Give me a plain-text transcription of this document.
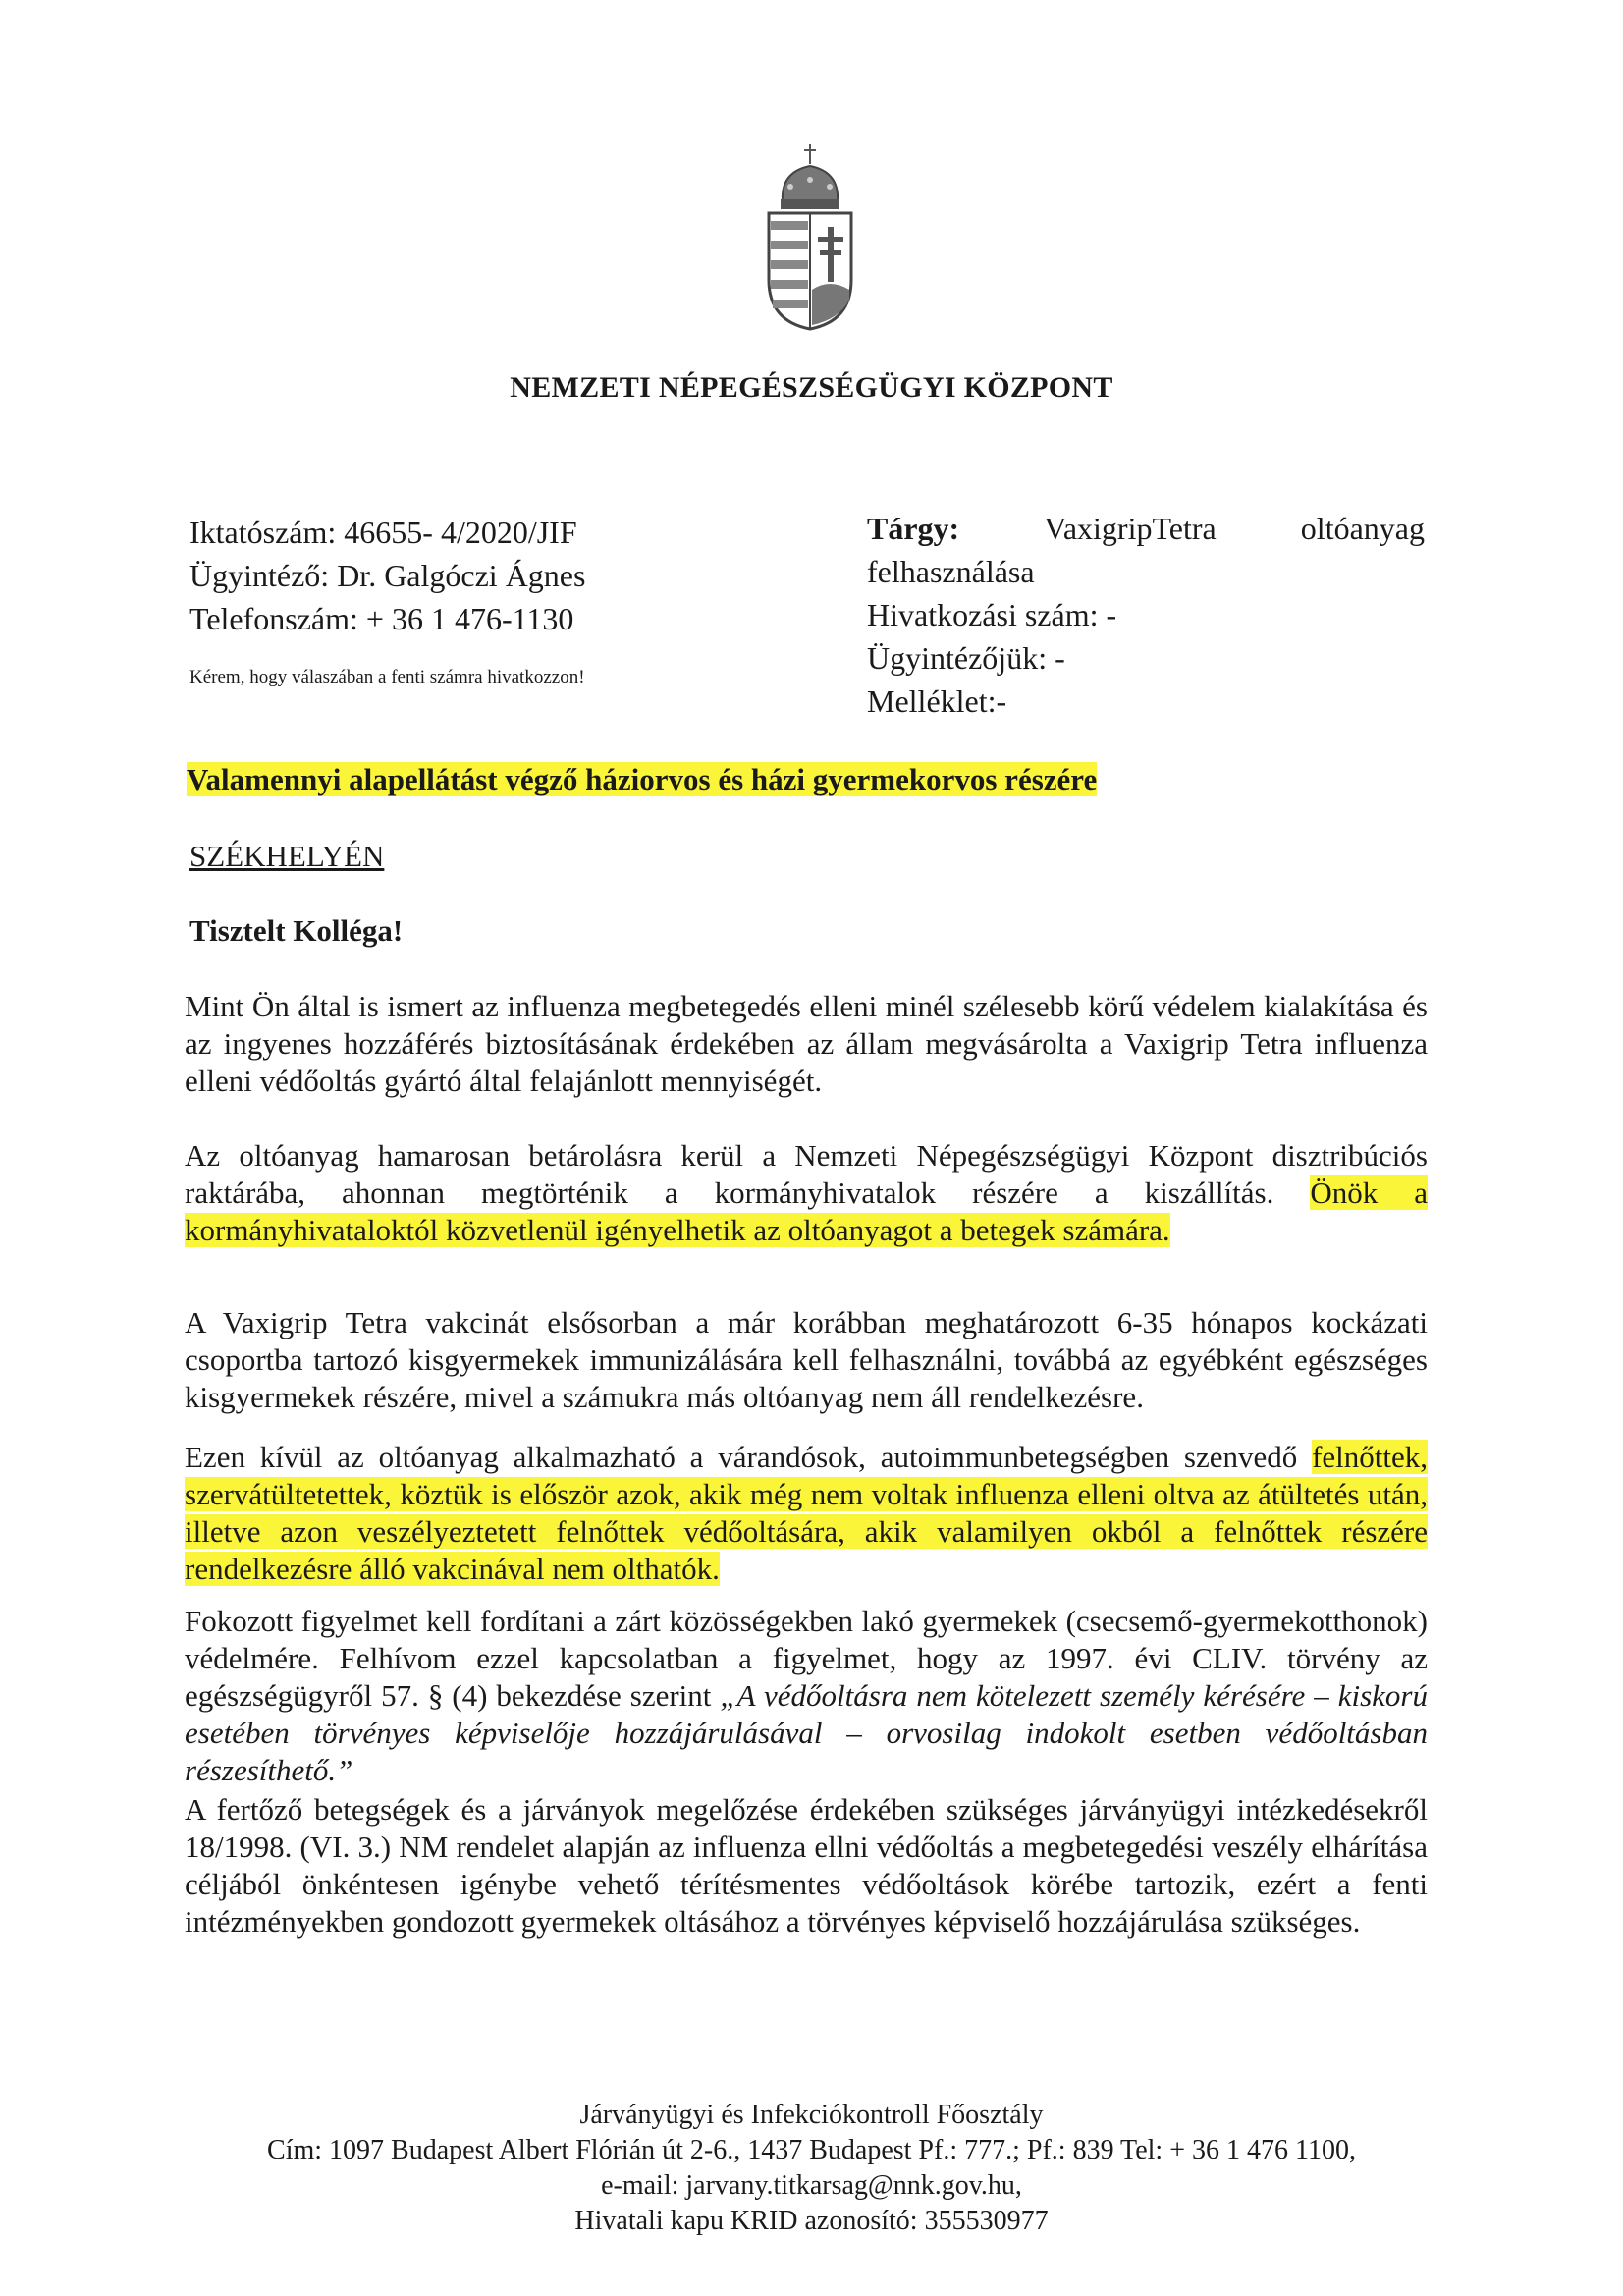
NEMZETI NÉPEGÉSZSÉGÜGYI KÖZPONT
Iktatószám: 46655- 4/2020/JIF
Ügyintéző: Dr. Galgóczi Ágnes
Telefonszám: + 36 1 476-1130
Kérem, hogy válaszában a fenti számra hivatkozzon!
Tárgy:	VaxigripTetra	oltóanyag
felhasználása
Hivatkozási szám: -
Ügyintézőjük: -
Melléklet:-
Valamennyi alapellátást végző háziorvos és házi gyermekorvos részére
SZÉKHELYÉN
Tisztelt Kolléga!
Mint Ön által is ismert az influenza megbetegedés elleni minél szélesebb körű védelem kialakítása és az ingyenes hozzáférés biztosításának érdekében az állam megvásárolta a Vaxigrip Tetra influenza elleni védőoltás gyártó által felajánlott mennyiségét.
Az oltóanyag hamarosan betárolásra kerül a Nemzeti Népegészségügyi Központ disztribúciós raktárába, ahonnan megtörténik a kormányhivatalok részére a kiszállítás. Önök a kormányhivataloktól közvetlenül igényelhetik az oltóanyagot a betegek számára.
A Vaxigrip Tetra vakcinát elsősorban a már korábban meghatározott 6-35 hónapos kockázati csoportba tartozó kisgyermekek immunizálására kell felhasználni, továbbá az egyébként egészséges kisgyermekek részére, mivel a számukra más oltóanyag nem áll rendelkezésre.
Ezen kívül az oltóanyag alkalmazható a várandósok, autoimmunbetegségben szenvedő felnőttek, szervátültetettek, köztük is először azok, akik még nem voltak influenza elleni oltva az átültetés után, illetve azon veszélyeztetett felnőttek védőoltására, akik valamilyen okból a felnőttek részére rendelkezésre álló vakcinával nem olthatók.
Fokozott figyelmet kell fordítani a zárt közösségekben lakó gyermekek (csecsemő-gyermekotthonok) védelmére. Felhívom ezzel kapcsolatban a figyelmet, hogy az 1997. évi CLIV. törvény az egészségügyről 57. § (4) bekezdése szerint „A védőoltásra nem kötelezett személy kérésére – kiskorú esetében törvényes képviselője hozzájárulásával – orvosilag indokolt esetben védőoltásban részesíthető.”
A fertőző betegségek és a járványok megelőzése érdekében szükséges járványügyi intézkedésekről 18/1998. (VI. 3.) NM rendelet alapján az influenza ellni védőoltás a megbetegedési veszély elhárítása céljából önkéntesen igénybe vehető térítésmentes védőoltások körébe tartozik, ezért a fenti intézményekben gondozott gyermekek oltásához a törvényes képviselő hozzájárulása szükséges.
Járványügyi és Infekciókontroll Főosztály
Cím: 1097 Budapest Albert Flórián út 2-6., 1437 Budapest Pf.: 777.; Pf.: 839 Tel: + 36 1 476 1100,
e-mail: jarvany.titkarsag@nnk.gov.hu,
Hivatali kapu KRID azonosító: 355530977
